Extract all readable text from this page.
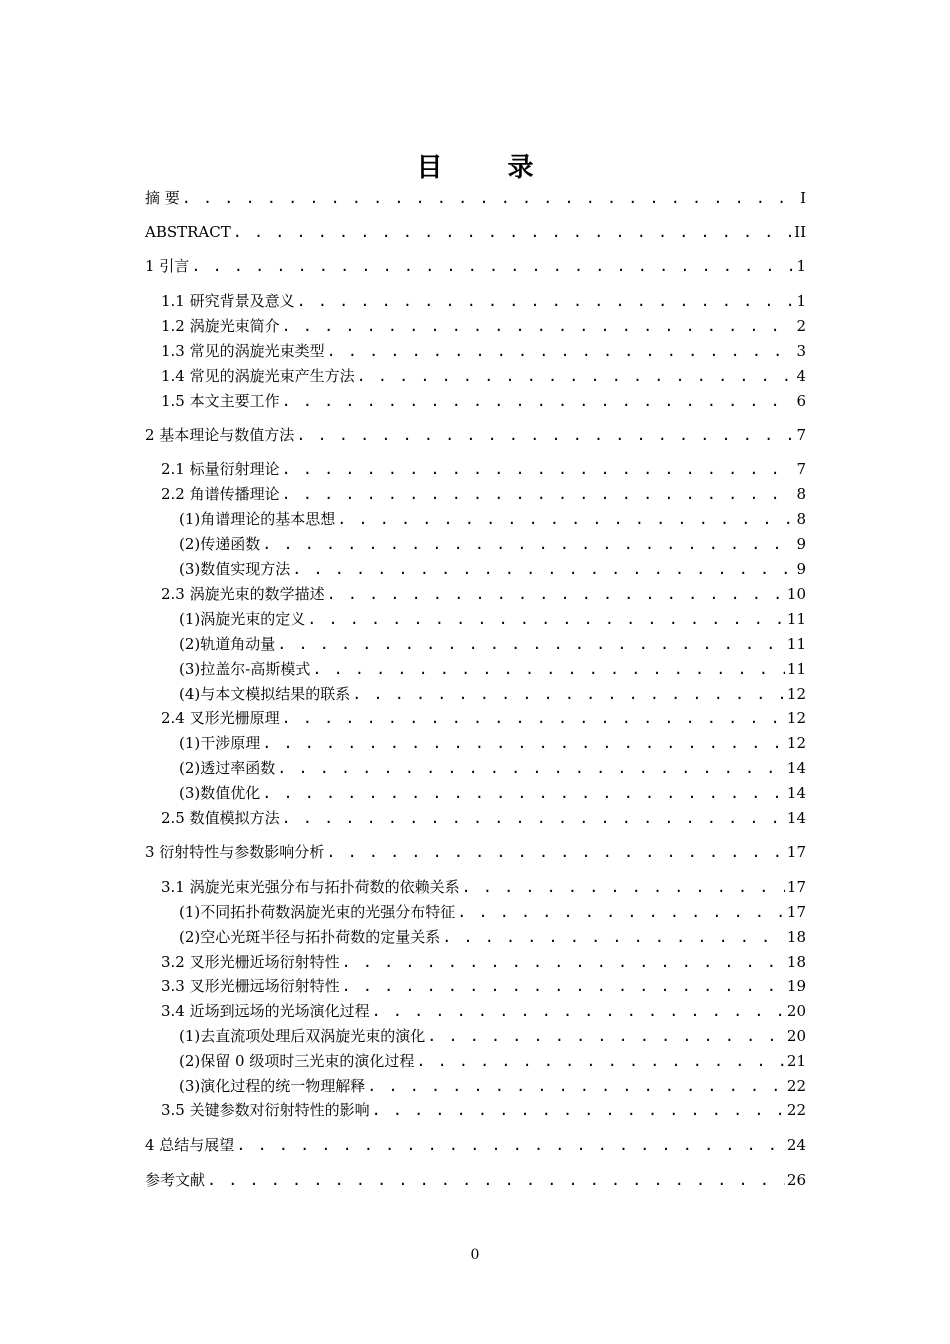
目 录
摘 要 . . .	I
ABSTRACT . . .	II
1 引言 . . .	1
1.1 研究背景及意义 . . .	1
1.2 涡旋光束简介 . . .	2
1.3 常见的涡旋光束类型 . . .	3
1.4 常见的涡旋光束产生方法 . . .	4
1.5 本文主要工作 . . .	6
2 基本理论与数值方法 . . .	7
2.1 标量衍射理论 . . .	7
2.2 角谱传播理论 . . .	8
(1)角谱理论的基本思想 . . .	8
(2)传递函数 . . .	9
(3)数值实现方法 . . .	9
2.3 涡旋光束的数学描述 . . .	10
(1)涡旋光束的定义 . . .	11
(2)轨道角动量 . . .	11
(3)拉盖尔-高斯模式 . . .	11
(4)与本文模拟结果的联系 . . .	12
2.4 叉形光栅原理 . . .	12
(1)干涉原理 . . .	12
(2)透过率函数 . . .	14
(3)数值优化 . . .	14
2.5 数值模拟方法 . . .	14
3 衍射特性与参数影响分析 . . .	17
3.1 涡旋光束光强分布与拓扑荷数的依赖关系 . . .	17
(1)不同拓扑荷数涡旋光束的光强分布特征 . . .	17
(2)空心光斑半径与拓扑荷数的定量关系 . . .	18
3.2 叉形光栅近场衍射特性 . . .	18
3.3 叉形光栅远场衍射特性 . . .	19
3.4 近场到远场的光场演化过程 . . .	20
(1)去直流项处理后双涡旋光束的演化 . . .	20
(2)保留 0 级项时三光束的演化过程 . . .	21
(3)演化过程的统一物理解释 . . .	22
3.5 关键参数对衍射特性的影响 . . .	22
4 总结与展望 . . .	24
参考文献 . . .	26
0
